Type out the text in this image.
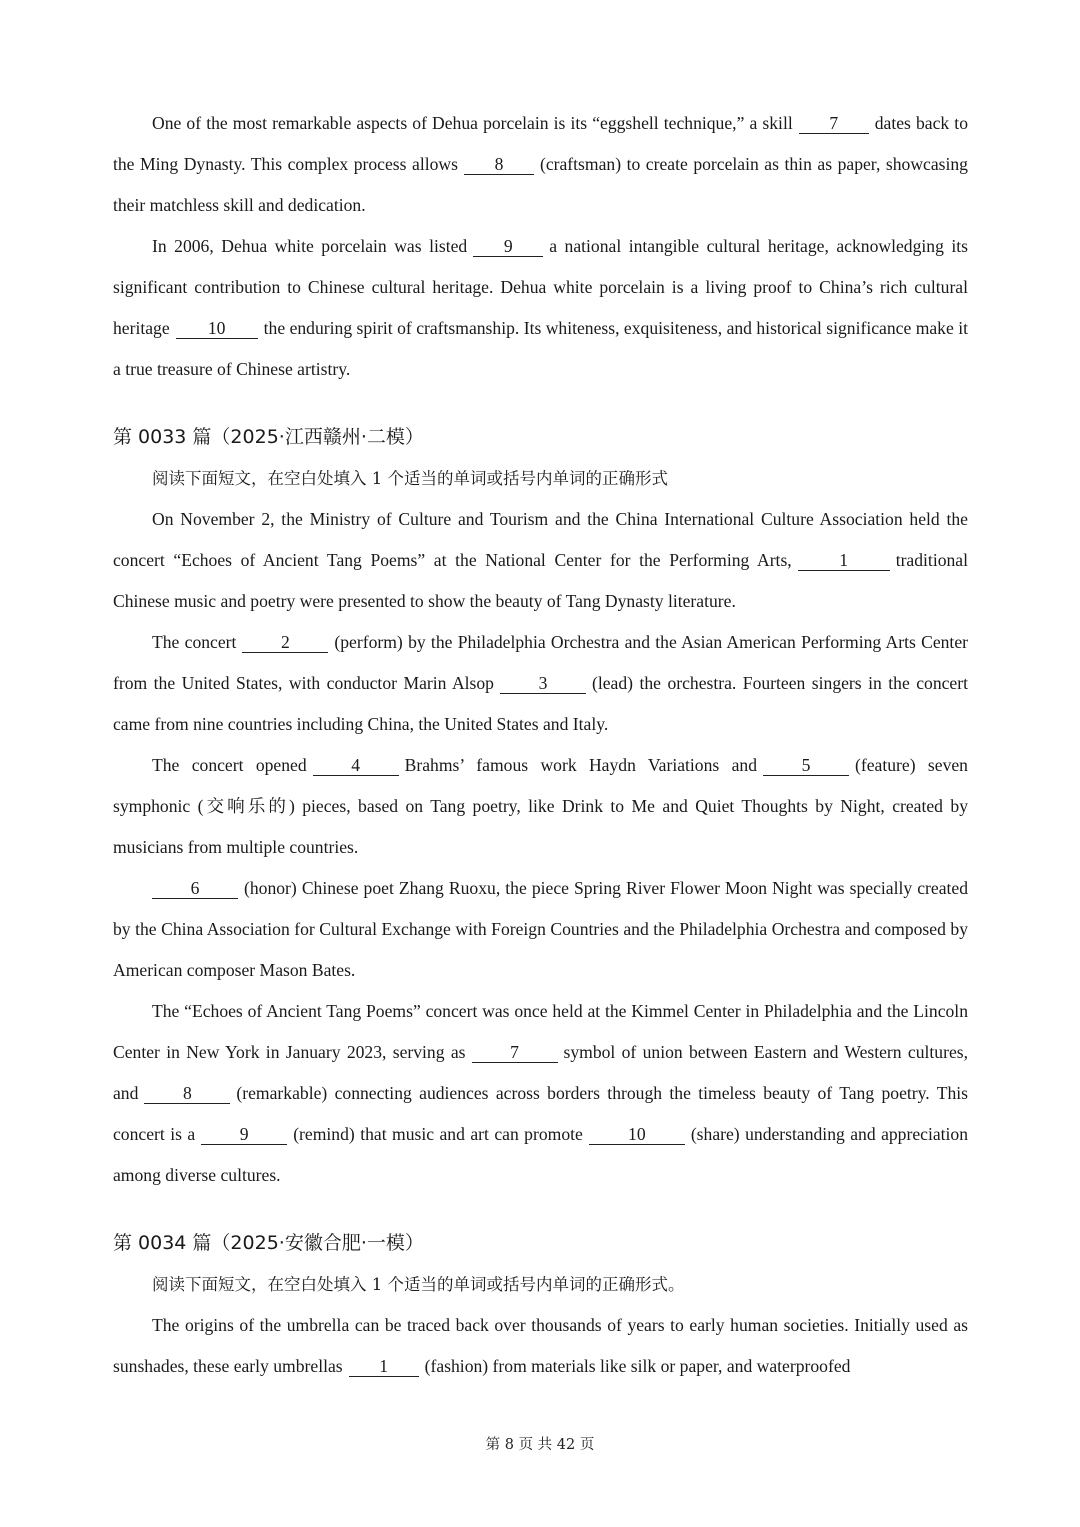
One of the most remarkable aspects of Dehua porcelain is its “eggshell technique,” a skill 7 dates back to the Ming Dynasty. This complex process allows 8 (craftsman) to create porcelain as thin as paper, showcasing their matchless skill and dedication.

In 2006, Dehua white porcelain was listed 9 a national intangible cultural heritage, acknowledging its significant contribution to Chinese cultural heritage. Dehua white porcelain is a living proof to China’s rich cultural heritage 10 the enduring spirit of craftsmanship. Its whiteness, exquisiteness, and historical significance make it a true treasure of Chinese artistry.

第 0033 篇（2025·江西赣州·二模）

阅读下面短文，在空白处填入 1 个适当的单词或括号内单词的正确形式

On November 2, the Ministry of Culture and Tourism and the China International Culture Association held the concert “Echoes of Ancient Tang Poems” at the National Center for the Performing Arts,	1	traditional Chinese music and poetry were presented to show the beauty of Tang Dynasty literature.

The concert	2	(perform) by the Philadelphia Orchestra and the Asian American Performing Arts Center from the United States, with conductor Marin Alsop	3	(lead) the orchestra. Fourteen singers in the concert came from nine countries including China, the United States and Italy.

The concert opened	4	Brahms’ famous work Haydn Variations and	5	(feature) seven symphonic (交响乐的) pieces, based on Tang poetry, like Drink to Me and Quiet Thoughts by Night, created by musicians from multiple countries.

6	(honor) Chinese poet Zhang Ruoxu, the piece Spring River Flower Moon Night was specially created by the China Association for Cultural Exchange with Foreign Countries and the Philadelphia Orchestra and composed by American composer Mason Bates.

The “Echoes of Ancient Tang Poems” concert was once held at the Kimmel Center in Philadelphia and the Lincoln Center in New York in January 2023, serving as	7	symbol of union between Eastern and Western cultures, and	8	(remarkable) connecting audiences across borders through the timeless beauty of Tang poetry. This concert is a	9	(remind) that music and art can promote	10	(share) understanding and appreciation among diverse cultures.

第 0034 篇（2025·安徽合肥·一模）

阅读下面短文，在空白处填入 1 个适当的单词或括号内单词的正确形式。

The origins of the umbrella can be traced back over thousands of years to early human societies. Initially used as sunshades, these early umbrellas 1 (fashion) from materials like silk or paper, and waterproofed

第 8 页 共 42 页
